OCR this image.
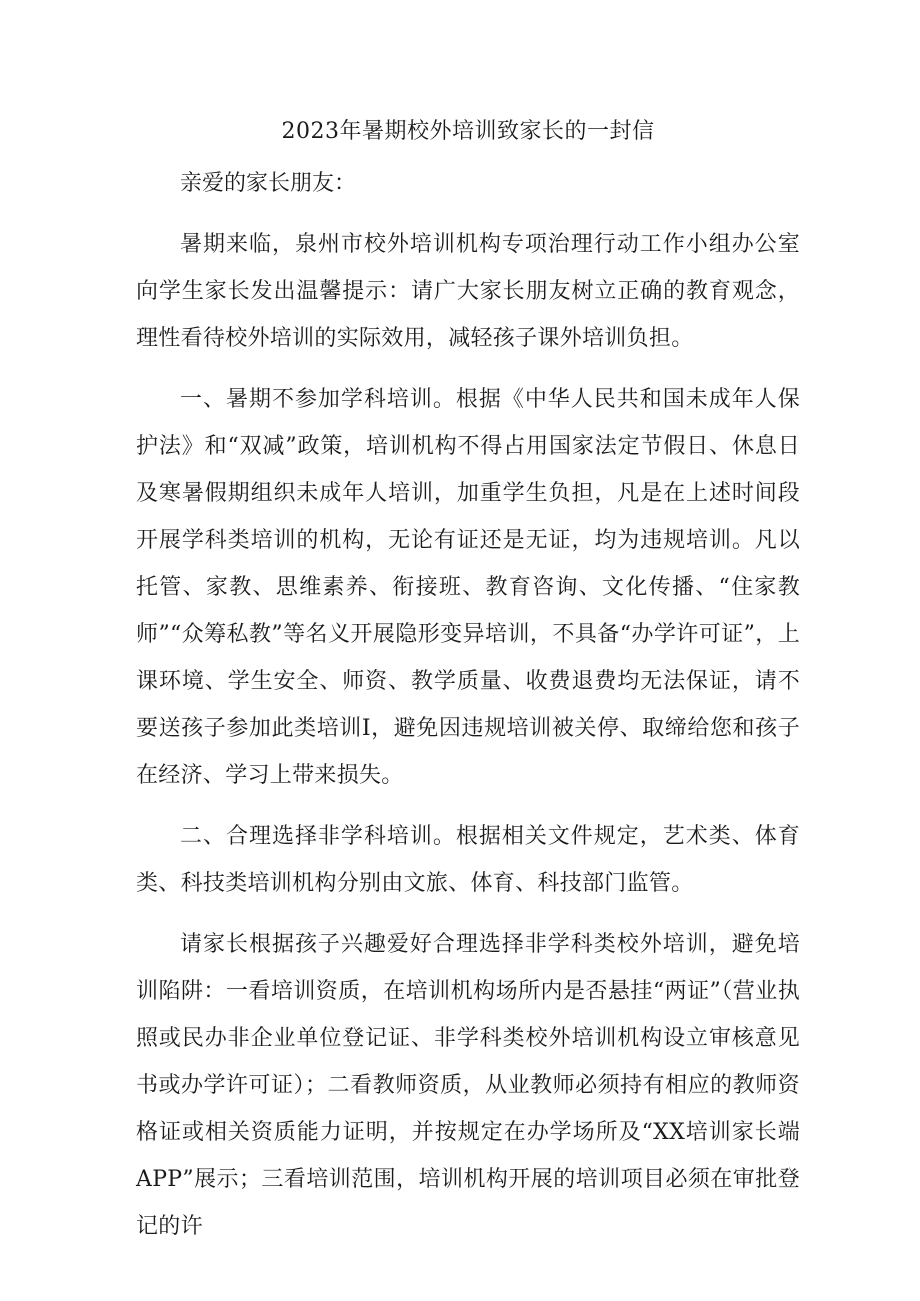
2023年暑期校外培训致家长的一封信

亲爱的家长朋友：

暑期来临，泉州市校外培训机构专项治理行动工作小组办公室向学生家长发出温馨提示：请广大家长朋友树立正确的教育观念，理性看待校外培训的实际效用，减轻孩子课外培训负担。

一、暑期不参加学科培训。根据《中华人民共和国未成年人保护法》和“双减”政策，培训机构不得占用国家法定节假日、休息日及寒暑假期组织未成年人培训，加重学生负担，凡是在上述时间段开展学科类培训的机构，无论有证还是无证，均为违规培训。凡以托管、家教、思维素养、衔接班、教育咨询、文化传播、“住家教师”“众筹私教”等名义开展隐形变异培训，不具备“办学许可证”，上课环境、学生安全、师资、教学质量、收费退费均无法保证，请不要送孩子参加此类培训I，避免因违规培训被关停、取缔给您和孩子在经济、学习上带来损失。

二、合理选择非学科培训。根据相关文件规定，艺术类、体育类、科技类培训机构分别由文旅、体育、科技部门监管。

请家长根据孩子兴趣爱好合理选择非学科类校外培训，避免培训陷阱：一看培训资质，在培训机构场所内是否悬挂“两证”（营业执照或民办非企业单位登记证、非学科类校外培训机构设立审核意见书或办学许可证）；二看教师资质，从业教师必须持有相应的教师资格证或相关资质能力证明，并按规定在办学场所及“XX培训家长端APP”展示；三看培训范围，培训机构开展的培训项目必须在审批登记的许
